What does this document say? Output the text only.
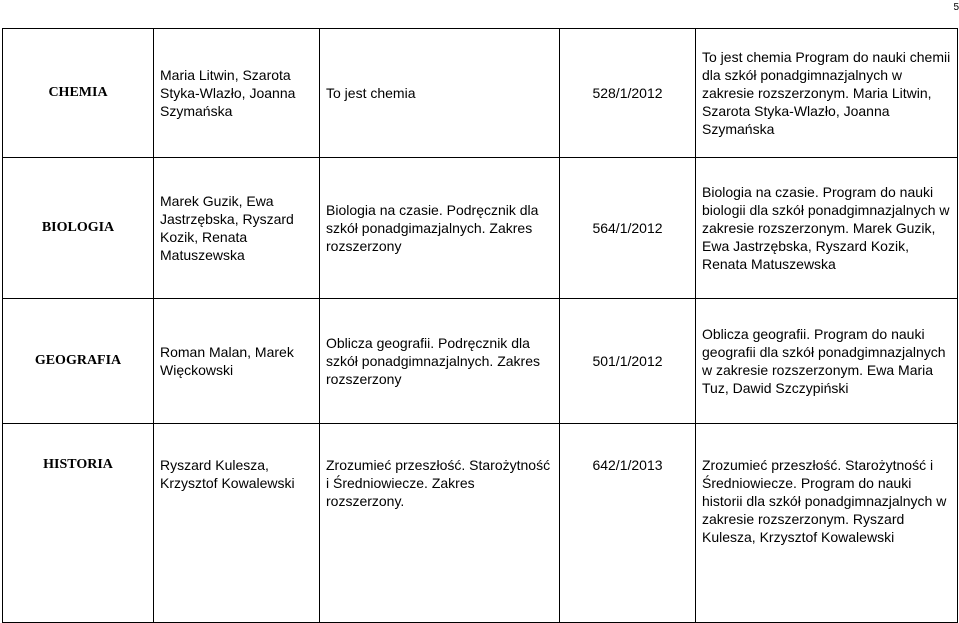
5
CHEMIA	Maria Litwin, Szarota Styka-Wlazło, Joanna Szymańska	To jest chemia	528/1/2012	To jest chemia Program do nauki chemii dla szkół ponadgimnazjalnych w zakresie rozszerzonym. Maria Litwin, Szarota Styka-Wlazło, Joanna Szymańska
BIOLOGIA	Marek Guzik, Ewa Jastrzębska, Ryszard Kozik, Renata Matuszewska	Biologia na czasie. Podręcznik dla szkół ponadgimazjalnych. Zakres rozszerzony	564/1/2012	Biologia na czasie. Program do nauki biologii dla szkół ponadgimnazjalnych w zakresie rozszerzonym. Marek Guzik, Ewa Jastrzębska, Ryszard Kozik, Renata Matuszewska
GEOGRAFIA	Roman Malan, Marek Więckowski	Oblicza geografii. Podręcznik dla szkół ponadgimnazjalnych. Zakres rozszerzony	501/1/2012	Oblicza geografii. Program do nauki geografii dla szkół ponadgimnazjalnych w zakresie rozszerzonym. Ewa Maria Tuz, Dawid Szczypiński
HISTORIA	Ryszard Kulesza, Krzysztof Kowalewski	Zrozumieć przeszłość. Starożytność i Średniowiecze. Zakres rozszerzony.	642/1/2013	Zrozumieć przeszłość. Starożytność i Średniowiecze. Program do nauki historii dla szkół ponadgimnazjalnych w zakresie rozszerzonym. Ryszard Kulesza, Krzysztof Kowalewski
